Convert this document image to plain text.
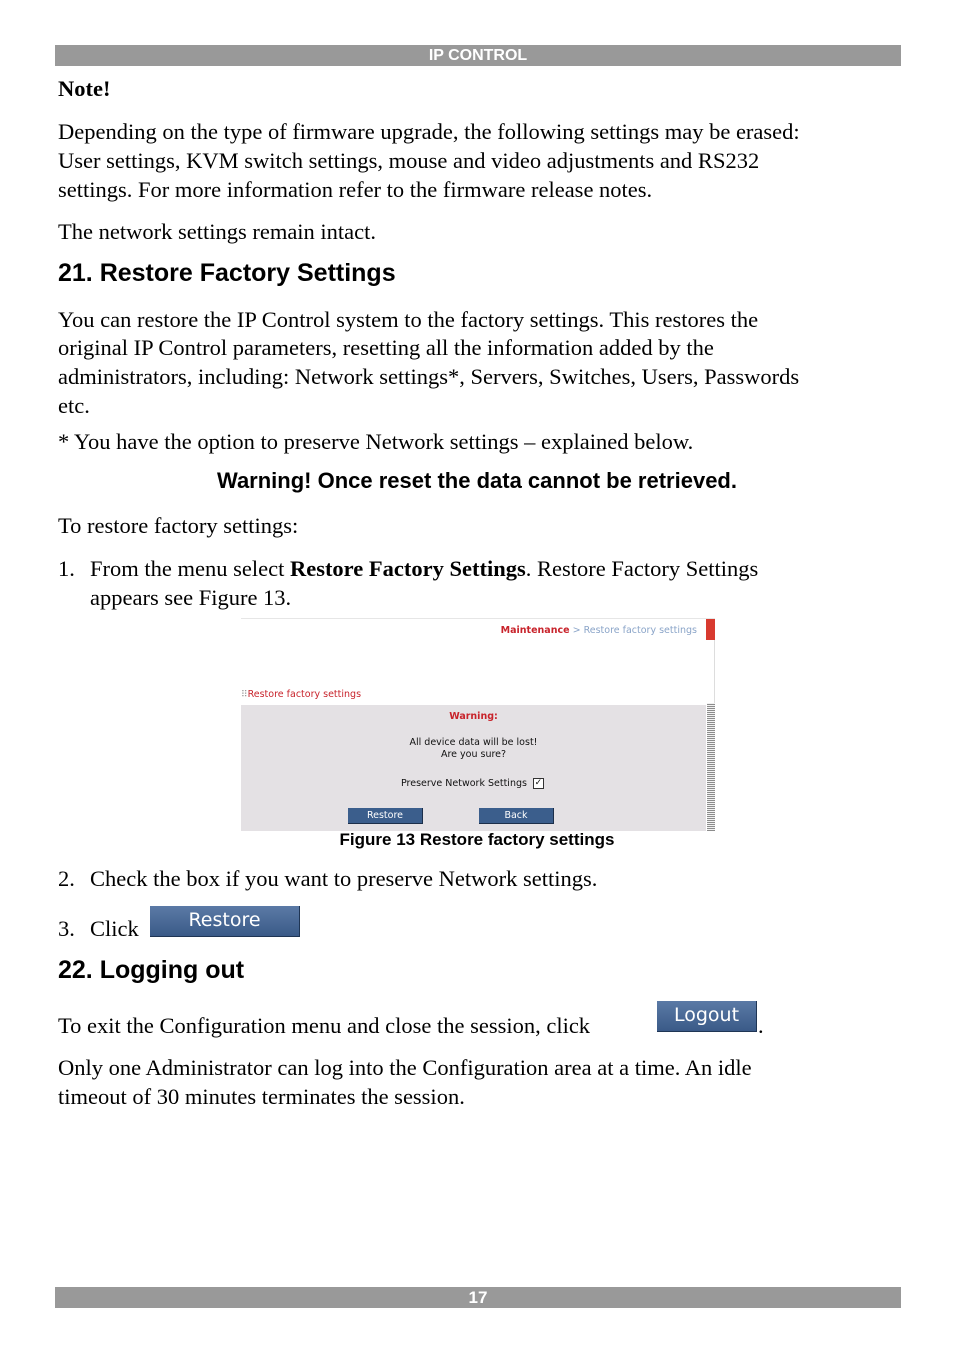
IP CONTROL

Note!

Depending on the type of firmware upgrade, the following settings may be erased:

User settings, KVM switch settings, mouse and video adjustments and RS232

settings. For more information refer to the firmware release notes.

The network settings remain intact.

21. Restore Factory Settings

You can restore the IP Control system to the factory settings. This restores the

original IP Control parameters, resetting all the information added by the

administrators, including: Network settings*, Servers, Switches, Users, Passwords

etc.

* You have the option to preserve Network settings – explained below.

Warning! Once reset the data cannot be retrieved.

To restore factory settings:

1. From the menu select Restore Factory Settings. Restore Factory Settings
appears see Figure 13.
Maintenance > Restore factory settings
⠿Restore factory settings
Warning:
All device data will be lost!
Are you sure?
Preserve Network Settings ✓
Restore	Back
Figure 13 Restore factory settings

2. Check the box if you want to preserve Network settings.

3. Click	Restore
22. Logging out

To exit the Configuration menu and close the session, click	Logout .

Only one Administrator can log into the Configuration area at a time. An idle

timeout of 30 minutes terminates the session.

17
